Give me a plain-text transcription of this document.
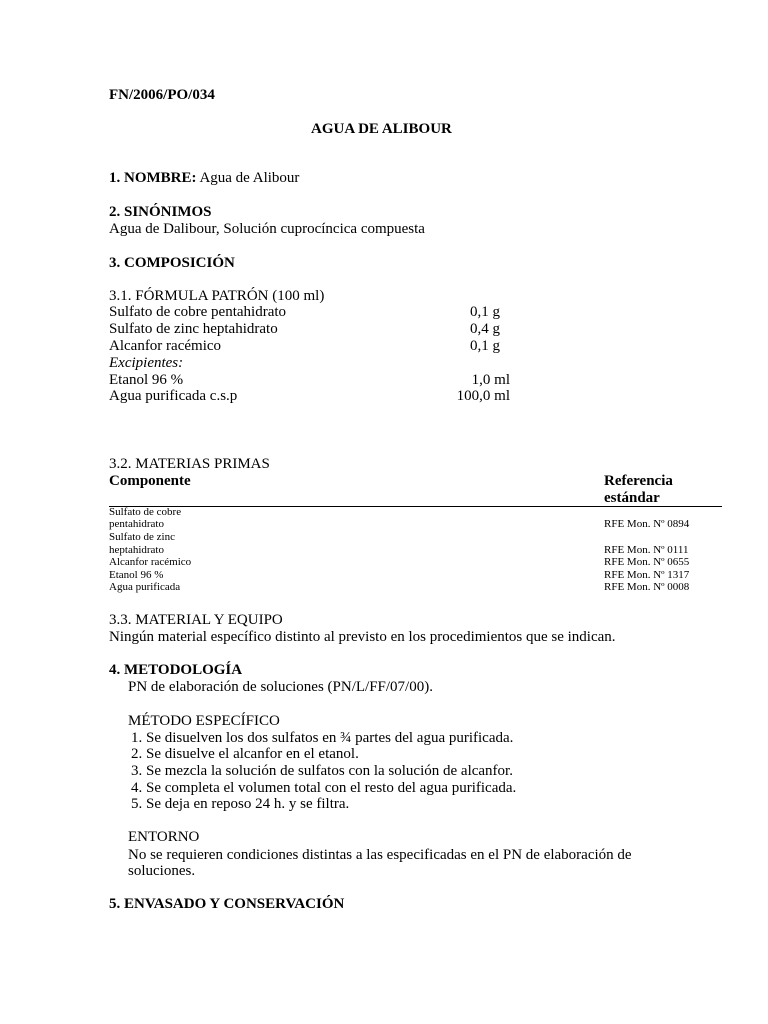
FN/2006/PO/034
AGUA DE ALIBOUR
1. NOMBRE: Agua de Alibour
2. SINÓNIMOS
Agua de Dalibour, Solución cuprocíncica compuesta
3. COMPOSICIÓN
3.1. FÓRMULA PATRÓN (100 ml)
Sulfato de cobre pentahidrato	0,1 g
Sulfato de zinc heptahidrato	0,4 g
Alcanfor racémico	0,1 g
Excipientes:
Etanol 96 %	1,0 ml
Agua purificada c.s.p	100,0 ml
3.2. MATERIAS PRIMAS
Componente	Referencia
estándar
Sulfato de cobre
pentahidrato	RFE Mon. Nº 0894
Sulfato de zinc
heptahidrato	RFE Mon. Nº 0111
Alcanfor racémico	RFE Mon. Nº 0655
Etanol 96 %	RFE Mon. Nº 1317
Agua purificada	RFE Mon. Nº 0008
3.3. MATERIAL Y EQUIPO
Ningún material específico distinto al previsto en los procedimientos que se indican.
4. METODOLOGÍA
PN de elaboración de soluciones (PN/L/FF/07/00).
MÉTODO ESPECÍFICO
1. Se disuelven los dos sulfatos en ¾ partes del agua purificada.
2. Se disuelve el alcanfor en el etanol.
3. Se mezcla la solución de sulfatos con la solución de alcanfor.
4. Se completa el volumen total con el resto del agua purificada.
5. Se deja en reposo 24 h. y se filtra.
ENTORNO
No se requieren condiciones distintas a las especificadas en el PN de elaboración de
soluciones.
5. ENVASADO Y CONSERVACIÓN
